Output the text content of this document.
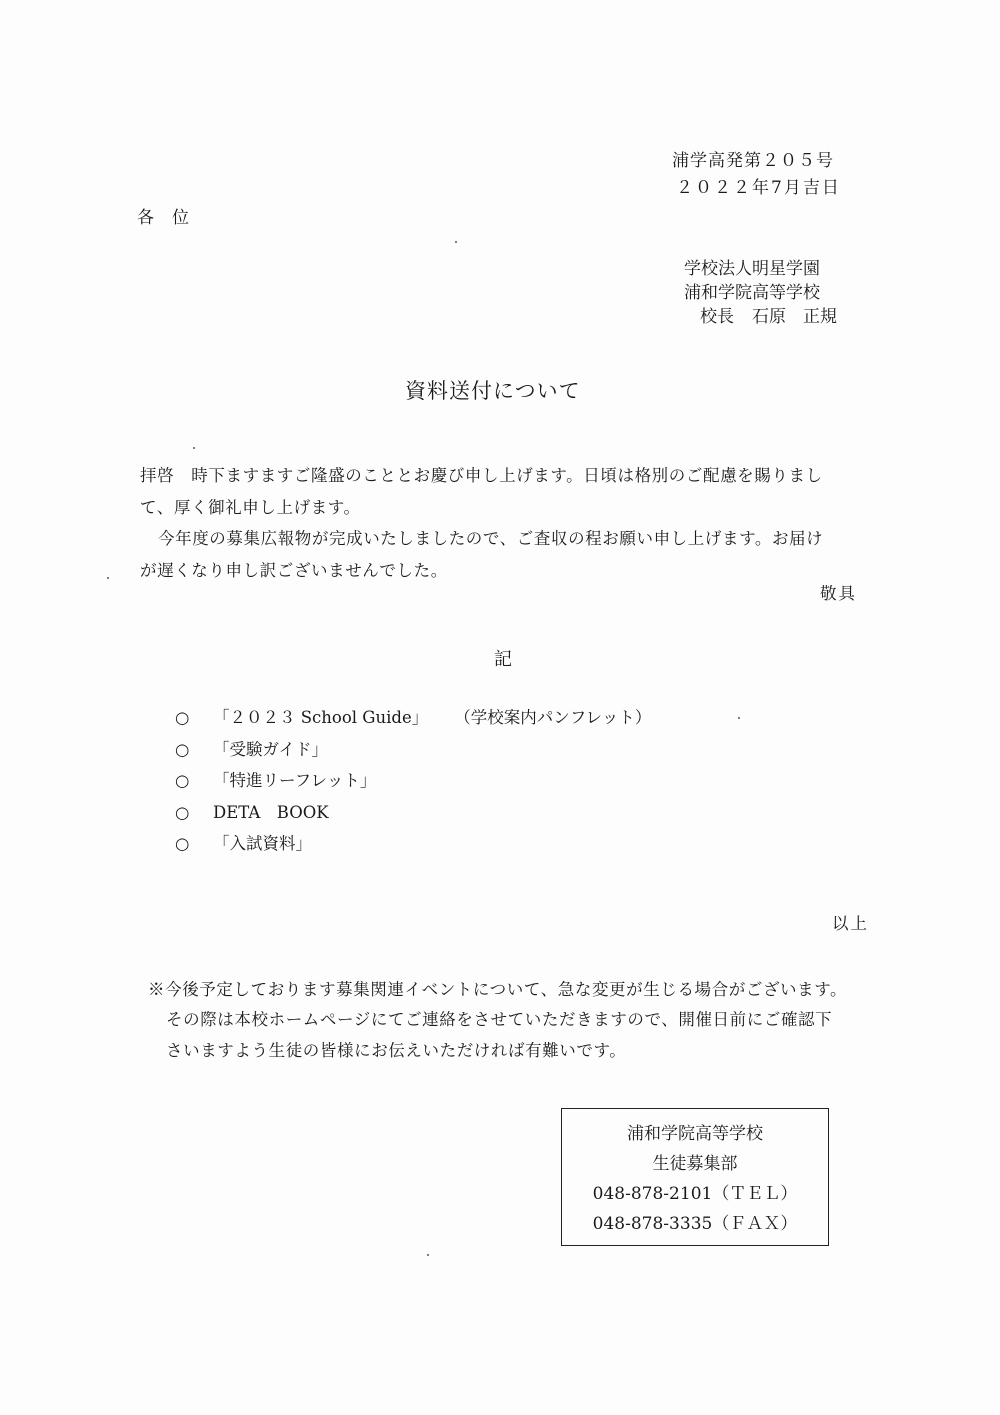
浦学高発第２０５号
２０２２年7月吉日
各位
学校法人明星学園
浦和学院高等学校
校長 石原　正規
資料送付について
拝啓　時下ますますご隆盛のこととお慶び申し上げます。日頃は格別のご配慮を賜りまし
て、厚く御礼申し上げます。
今年度の募集広報物が完成いたしましたので、ご査収の程お願い申し上げます。お届け
が遅くなり申し訳ございませんでした。
敬具
記
○ 「２０２３ School Guide」 （学校案内パンフレット）
○ 「受験ガイド」
○ 「特進リーフレット」
○ DETA　BOOK
○ 「入試資料」
以上
※今後予定しております募集関連イベントについて、急な変更が生じる場合がございます。
その際は本校ホームページにてご連絡をさせていただきますので、開催日前にご確認下
さいますよう生徒の皆様にお伝えいただければ有難いです。
浦和学院高等学校
生徒募集部
048-878-2101（ＴＥＬ）
048-878-3335（ＦＡＸ）
